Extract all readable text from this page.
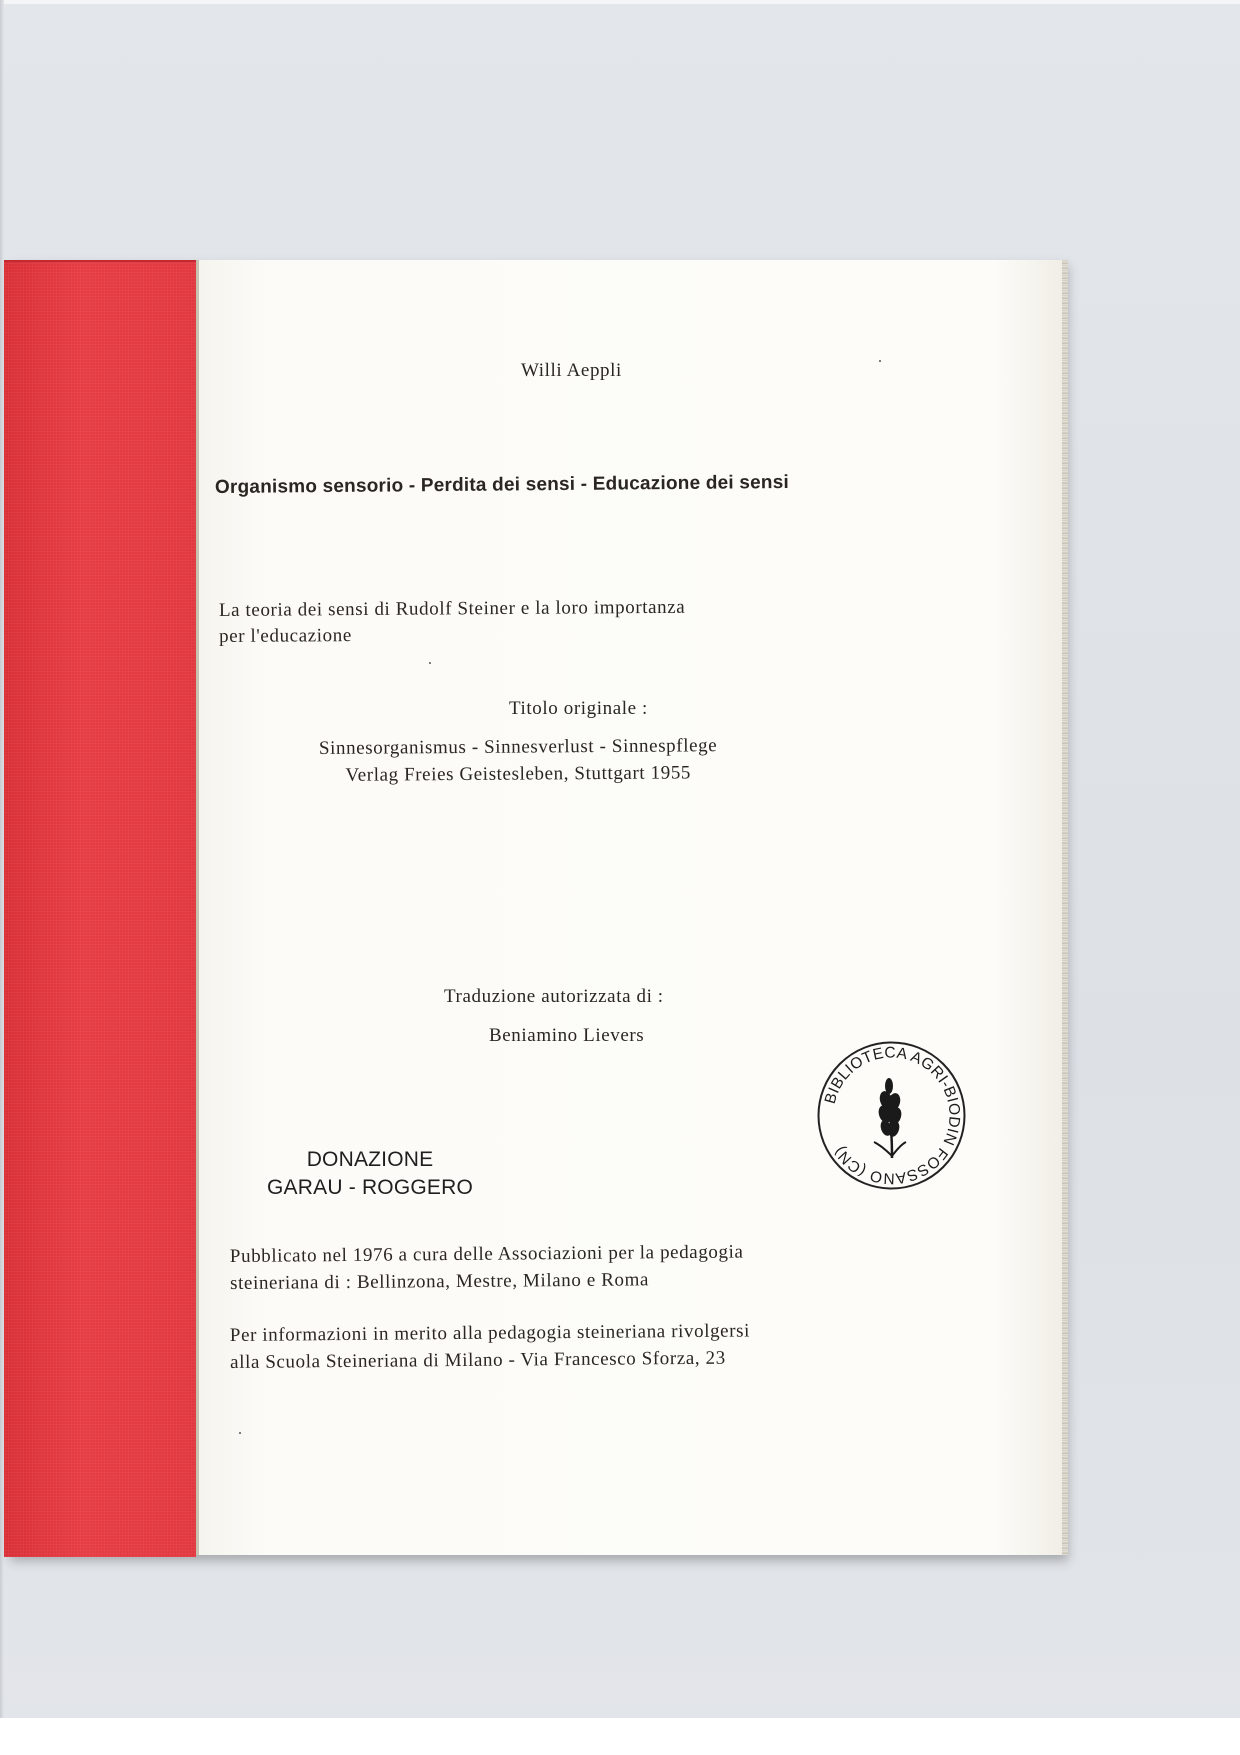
Willi Aeppli
Organismo sensorio - Perdita dei sensi - Educazione dei sensi
La teoria dei sensi di Rudolf Steiner e la loro importanza
per l'educazione
Titolo originale :
Sinnesorganismus - Sinnesverlust - Sinnespflege
Verlag Freies Geistesleben, Stuttgart 1955
Traduzione autorizzata di :
Beniamino Lievers
DONAZIONE
GARAU - ROGGERO
BIBLIOTECA AGRI-BIODIN FOSSANO (CN)
Pubblicato nel 1976 a cura delle Associazioni per la pedagogia
steineriana di : Bellinzona, Mestre, Milano e Roma
Per informazioni in merito alla pedagogia steineriana rivolgersi
alla Scuola Steineriana di Milano - Via Francesco Sforza, 23
